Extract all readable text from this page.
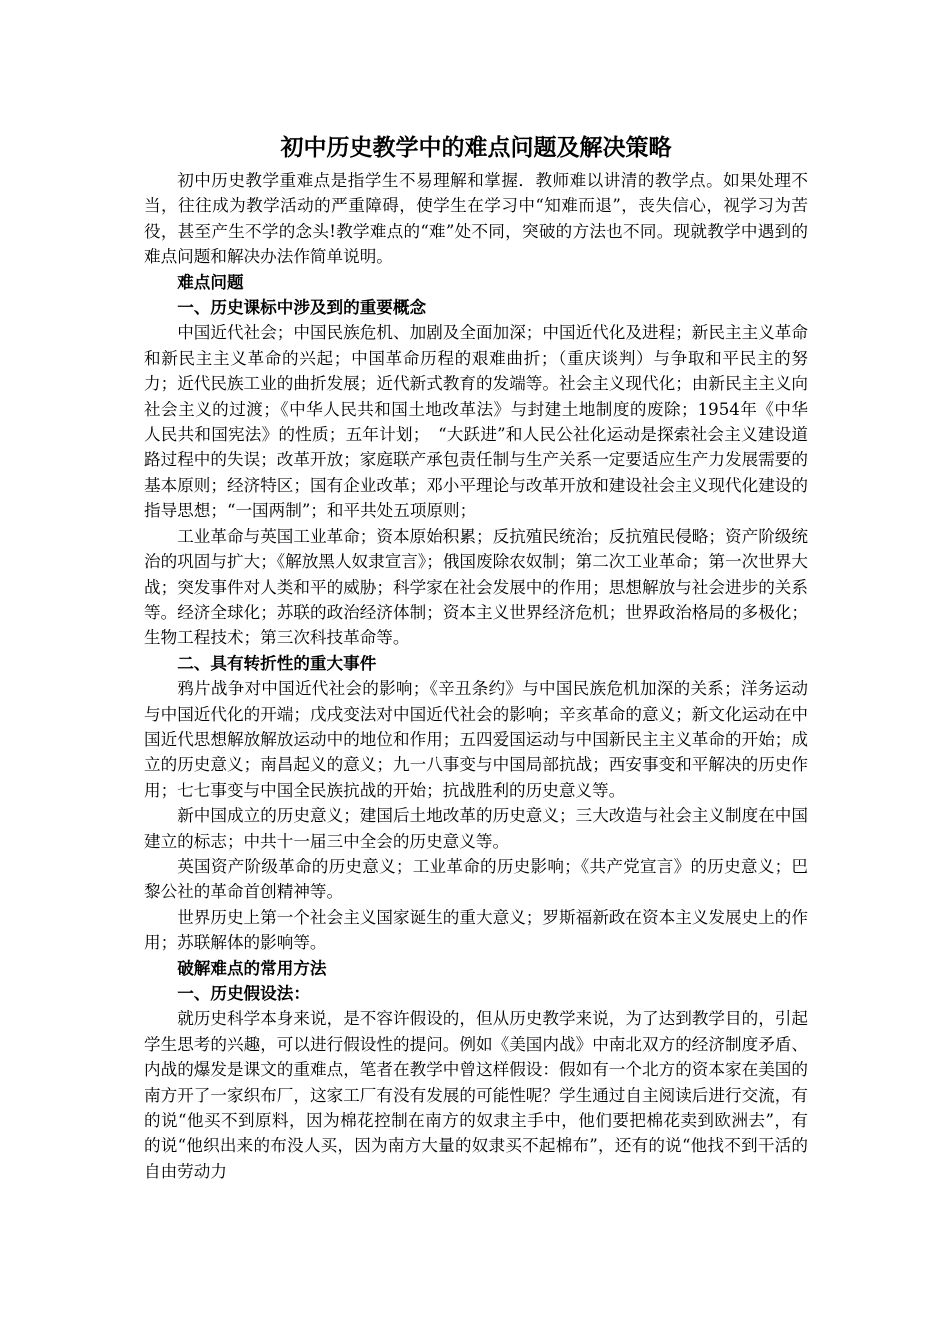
初中历史教学中的难点问题及解决策略

初中历史教学重难点是指学生不易理解和掌握．教师难以讲清的教学点。如果处理不当，往往成为教学活动的严重障碍，使学生在学习中“知难而退”，丧失信心，视学习为苦役，甚至产生不学的念头!教学难点的“难”处不同，突破的方法也不同。现就教学中遇到的难点问题和解决办法作简单说明。

难点问题

一、历史课标中涉及到的重要概念

中国近代社会；中国民族危机、加剧及全面加深；中国近代化及进程；新民主主义革命和新民主主义革命的兴起；中国革命历程的艰难曲折；（重庆谈判）与争取和平民主的努力；近代民族工业的曲折发展；近代新式教育的发端等。社会主义现代化；由新民主主义向社会主义的过渡；《中华人民共和国土地改革法》与封建土地制度的废除；1954年《中华人民共和国宪法》的性质；五年计划；　“大跃进”和人民公社化运动是探索社会主义建设道路过程中的失误；改革开放；家庭联产承包责任制与生产关系一定要适应生产力发展需要的基本原则；经济特区；国有企业改革；邓小平理论与改革开放和建设社会主义现代化建设的指导思想；“一国两制”；和平共处五项原则；

工业革命与英国工业革命；资本原始积累；反抗殖民统治；反抗殖民侵略；资产阶级统治的巩固与扩大；《解放黑人奴隶宣言》；俄国废除农奴制；第二次工业革命；第一次世界大战；突发事件对人类和平的威胁；科学家在社会发展中的作用；思想解放与社会进步的关系等。经济全球化；苏联的政治经济体制；资本主义世界经济危机；世界政治格局的多极化；生物工程技术；第三次科技革命等。

二、具有转折性的重大事件

鸦片战争对中国近代社会的影响；《辛丑条约》与中国民族危机加深的关系；洋务运动与中国近代化的开端；戊戌变法对中国近代社会的影响；辛亥革命的意义；新文化运动在中国近代思想解放解放运动中的地位和作用；五四爱国运动与中国新民主主义革命的开始；成立的历史意义；南昌起义的意义；九一八事变与中国局部抗战；西安事变和平解决的历史作用；七七事变与中国全民族抗战的开始；抗战胜利的历史意义等。

新中国成立的历史意义；建国后土地改革的历史意义；三大改造与社会主义制度在中国建立的标志；中共十一届三中全会的历史意义等。

英国资产阶级革命的历史意义；工业革命的历史影响；《共产党宣言》的历史意义；巴黎公社的革命首创精神等。

世界历史上第一个社会主义国家诞生的重大意义；罗斯福新政在资本主义发展史上的作用；苏联解体的影响等。

破解难点的常用方法

一、历史假设法：

就历史科学本身来说，是不容许假设的，但从历史教学来说，为了达到教学目的，引起学生思考的兴趣，可以进行假设性的提问。例如《美国内战》中南北双方的经济制度矛盾、内战的爆发是课文的重难点，笔者在教学中曾这样假设：假如有一个北方的资本家在美国的南方开了一家织布厂，这家工厂有没有发展的可能性呢？学生通过自主阅读后进行交流，有的说“他买不到原料，因为棉花控制在南方的奴隶主手中，他们要把棉花卖到欧洲去”，有的说“他织出来的布没人买，因为南方大量的奴隶买不起棉布”，还有的说“他找不到干活的自由劳动力
